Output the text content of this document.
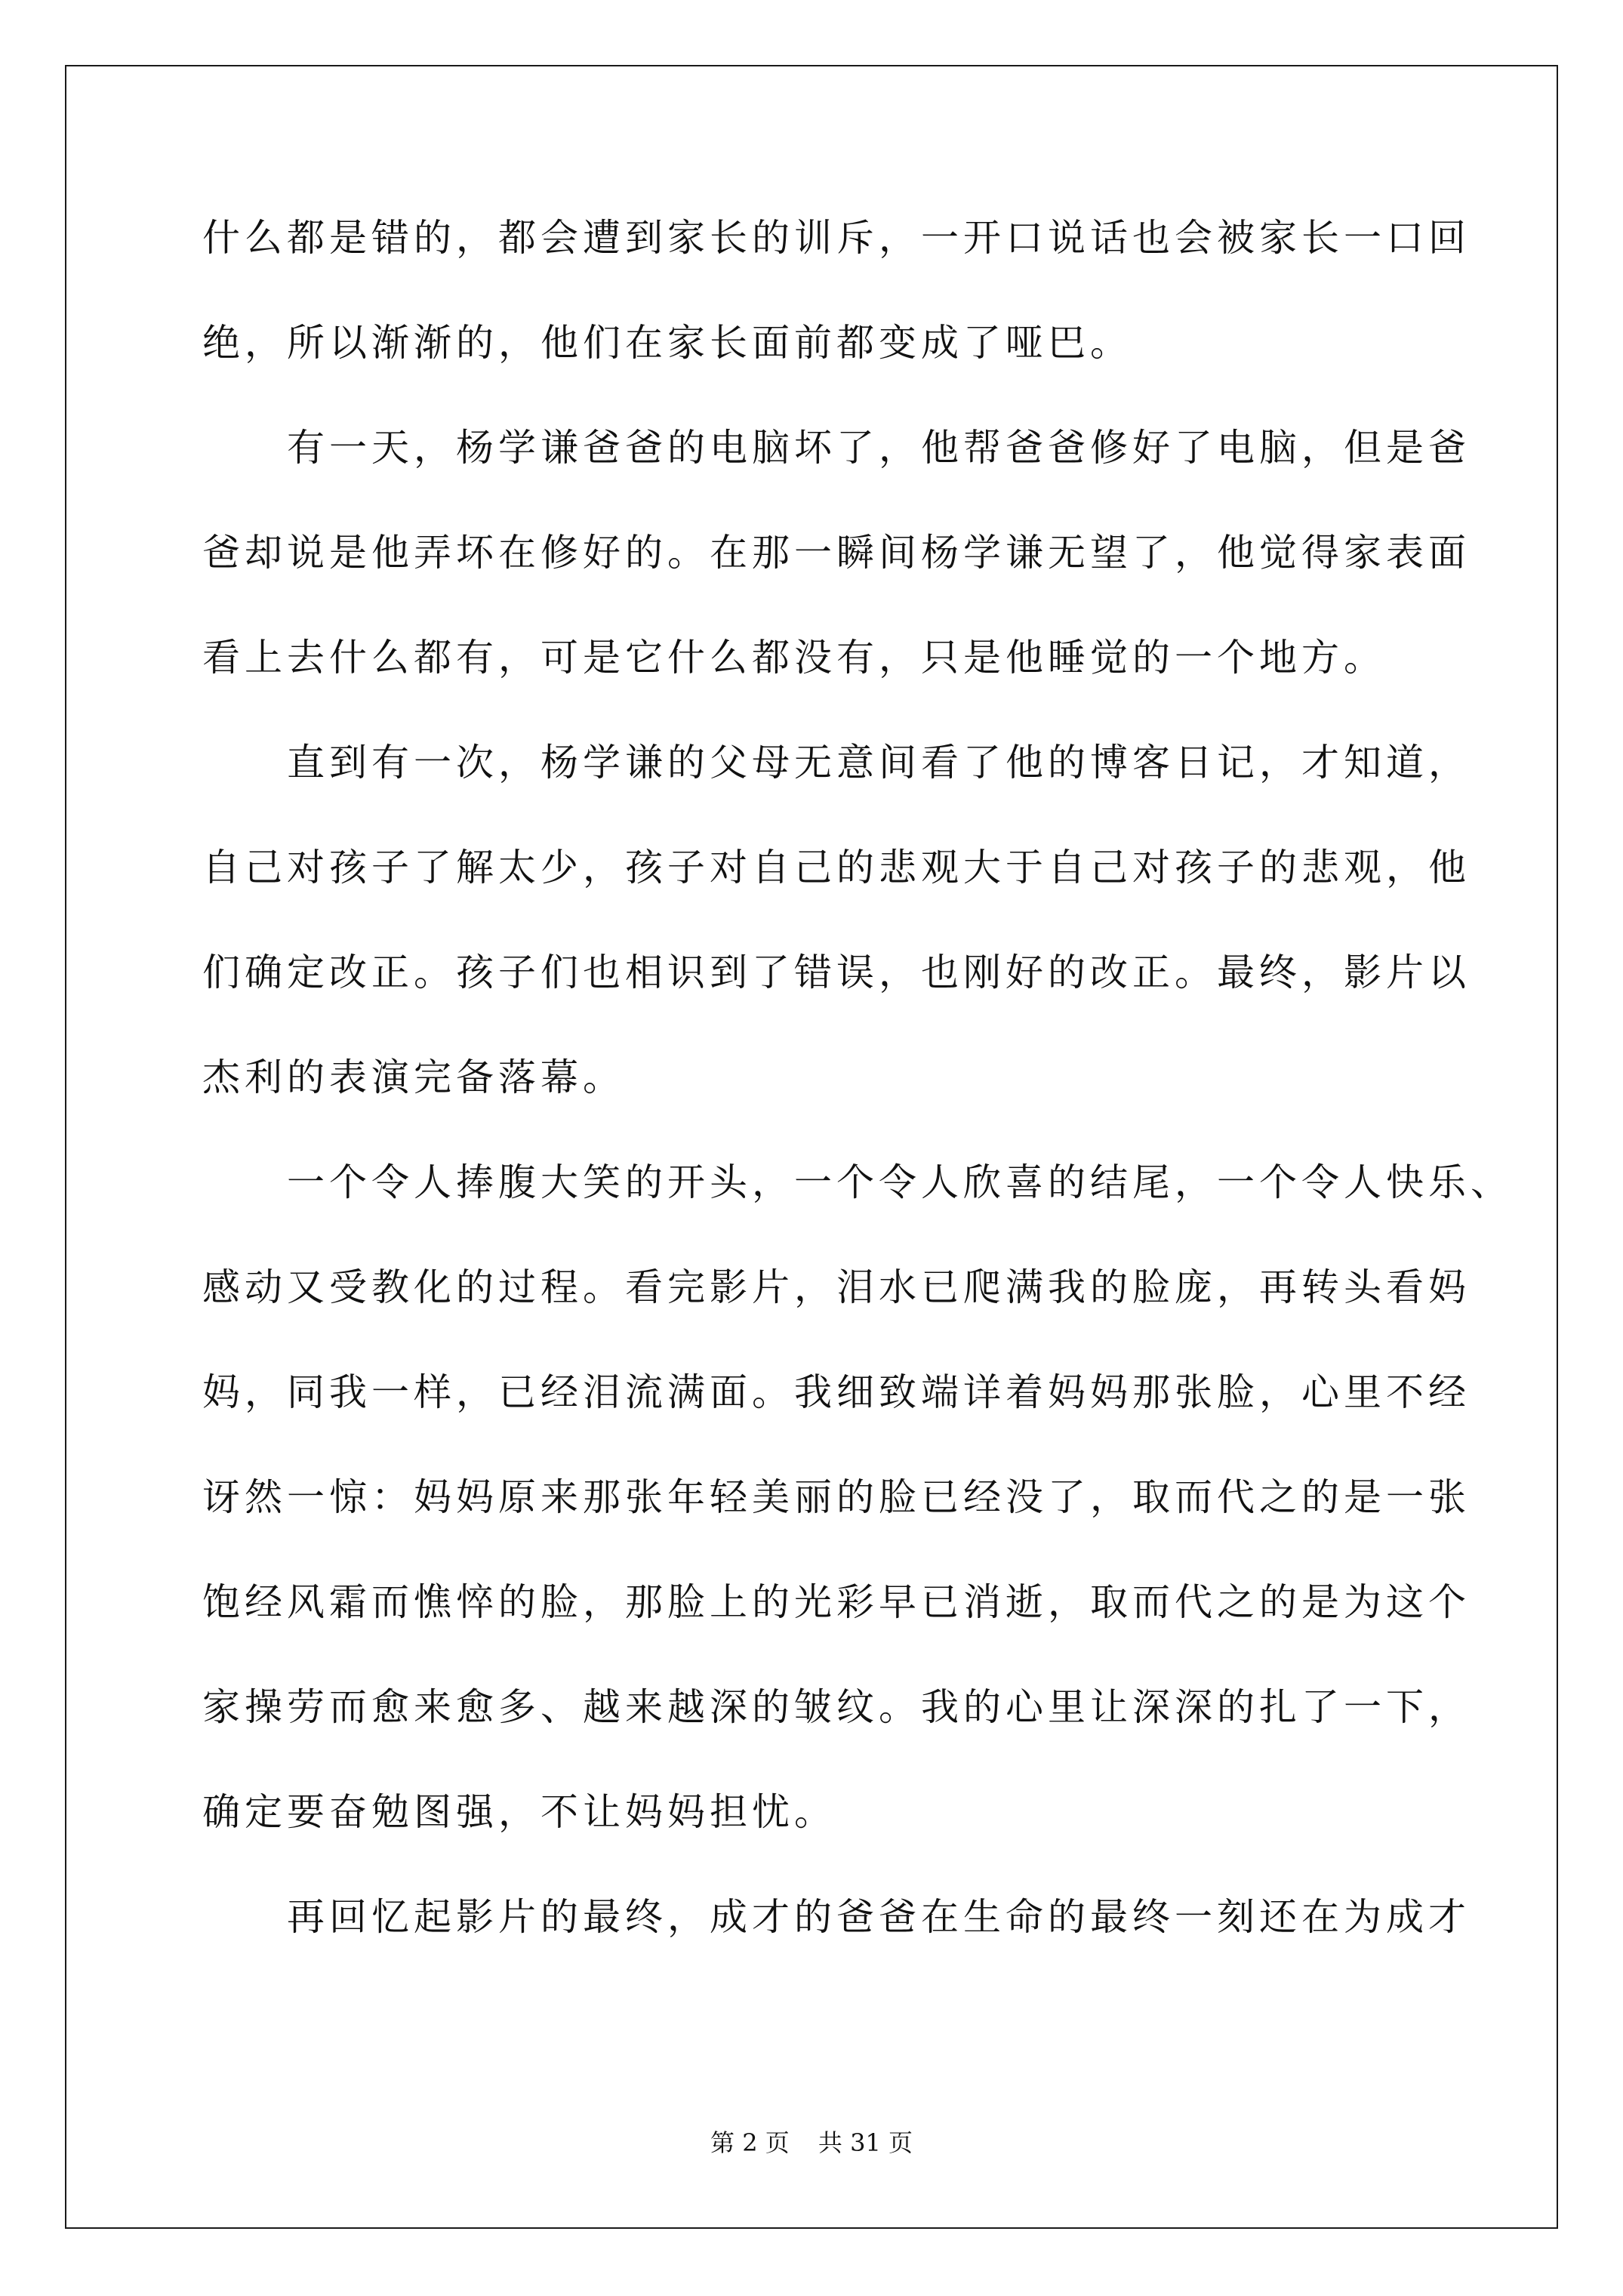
什么都是错的，都会遭到家长的训斥，一开口说话也会被家长一口回

绝，所以渐渐的，他们在家长面前都变成了哑巴。

有一天，杨学谦爸爸的电脑坏了，他帮爸爸修好了电脑，但是爸

爸却说是他弄坏在修好的。在那一瞬间杨学谦无望了，他觉得家表面

看上去什么都有，可是它什么都没有，只是他睡觉的一个地方。

直到有一次，杨学谦的父母无意间看了他的博客日记，才知道，

自己对孩子了解太少，孩子对自己的悲观大于自己对孩子的悲观，他

们确定改正。孩子们也相识到了错误，也刚好的改正。最终，影片以

杰利的表演完备落幕。

一个令人捧腹大笑的开头，一个令人欣喜的结尾，一个令人快乐、

感动又受教化的过程。看完影片，泪水已爬满我的脸庞，再转头看妈

妈，同我一样，已经泪流满面。我细致端详着妈妈那张脸，心里不经

讶然一惊：妈妈原来那张年轻美丽的脸已经没了，取而代之的是一张

饱经风霜而憔悴的脸，那脸上的光彩早已消逝，取而代之的是为这个

家操劳而愈来愈多、越来越深的皱纹。我的心里让深深的扎了一下，

确定要奋勉图强，不让妈妈担忧。

再回忆起影片的最终，成才的爸爸在生命的最终一刻还在为成才

第 2 页 共 31 页
